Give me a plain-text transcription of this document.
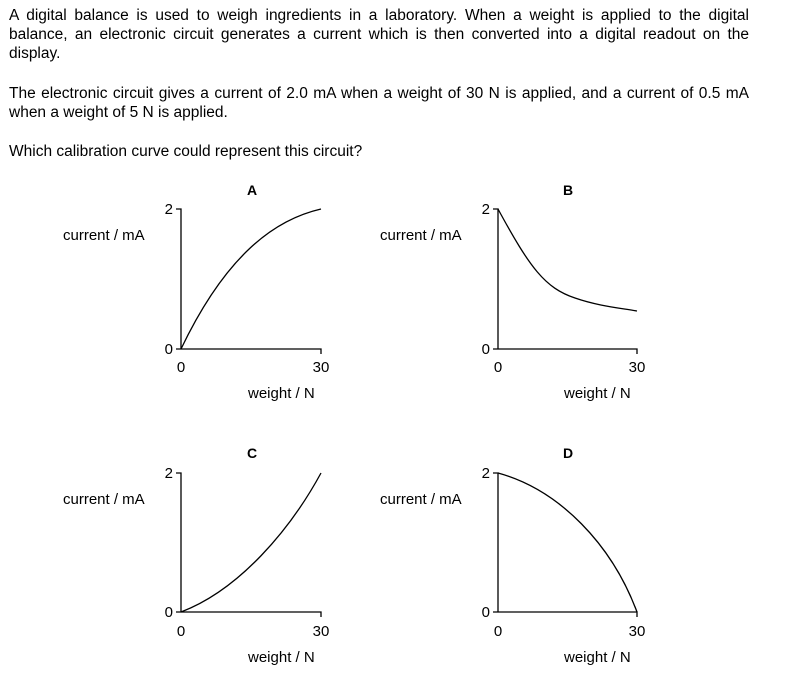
A digital balance is used to weigh ingredients in a laboratory. When a weight is applied to the digital balance, an electronic circuit generates a current which is then converted into a digital readout on the display.

The electronic circuit gives a current of 2.0 mA when a weight of 30 N is applied, and a current of 0.5 mA when a weight of 5 N is applied.

Which calibration curve could represent this circuit?

A
current / mA
2
0
0	30
weight / N
B
current / mA
2
0
0	30
weight / N
C
current / mA
2
0
0	30
weight / N
D
current / mA
2
0
0	30
weight / N
